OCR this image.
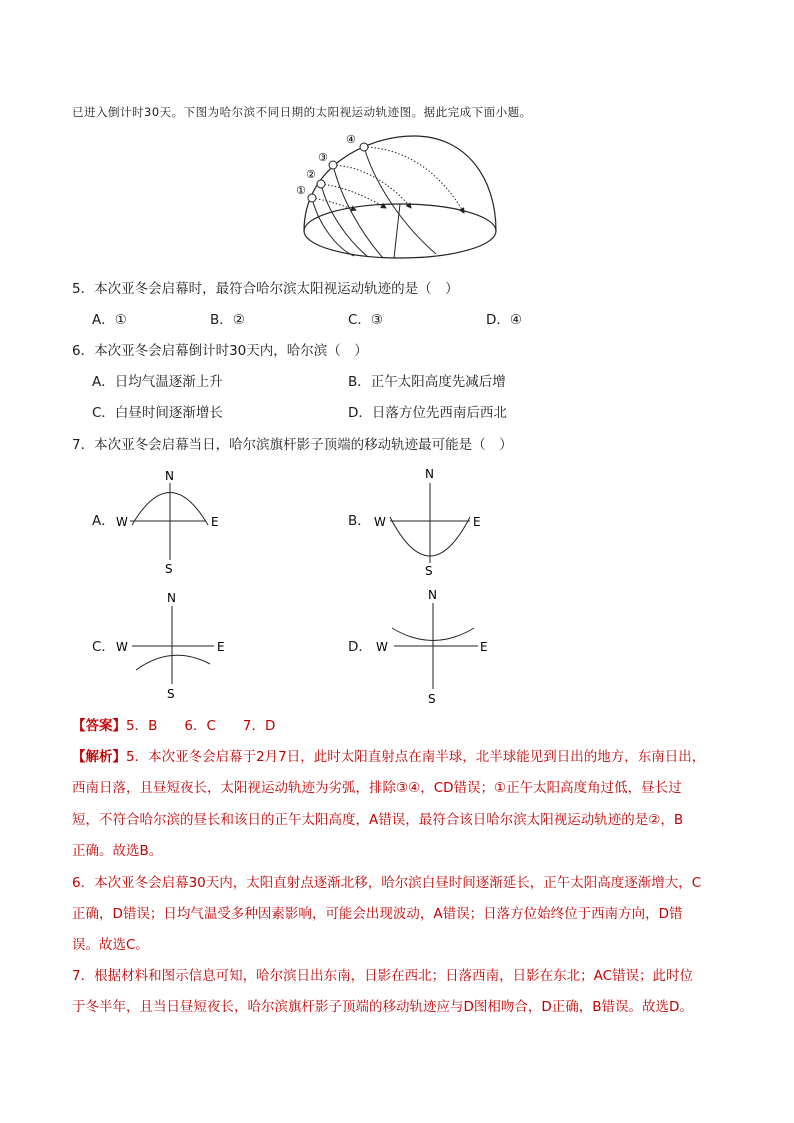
已进入倒计时30天。下图为哈尔滨不同日期的太阳视运动轨迹图。据此完成下面小题。
①
②
③
④
5．本次亚冬会启幕时，最符合哈尔滨太阳视运动轨迹的是（　）
A．①	B．②	C．③	D．④
6．本次亚冬会启幕倒计时30天内，哈尔滨（　）
A．日均气温逐渐上升	B．正午太阳高度先减后增
C．白昼时间逐渐增长	D．日落方位先西南后西北
7．本次亚冬会启幕当日，哈尔滨旗杆影子顶端的移动轨迹最可能是（　）
A．
N
S
W	E	B．
N
S
W	E
C．
N
S
W	E	D．
N
S
W	E
【答案】5．B　　6．C　　7．D
【解析】5．本次亚冬会启幕于2月7日，此时太阳直射点在南半球，北半球能见到日出的地方，东南日出，
西南日落，且昼短夜长，太阳视运动轨迹为劣弧，排除③④，CD错误；①正午太阳高度角过低，昼长过
短，不符合哈尔滨的昼长和该日的正午太阳高度，A错误，最符合该日哈尔滨太阳视运动轨迹的是②，B
正确。故选B。
6．本次亚冬会启幕30天内，太阳直射点逐渐北移，哈尔滨白昼时间逐渐延长，正午太阳高度逐渐增大，C
正确，D错误；日均气温受多种因素影响，可能会出现波动，A错误；日落方位始终位于西南方向，D错
误。故选C。
7．根据材料和图示信息可知，哈尔滨日出东南，日影在西北；日落西南，日影在东北；AC错误；此时位
于冬半年，且当日昼短夜长，哈尔滨旗杆影子顶端的移动轨迹应与D图相吻合，D正确，B错误。故选D。
